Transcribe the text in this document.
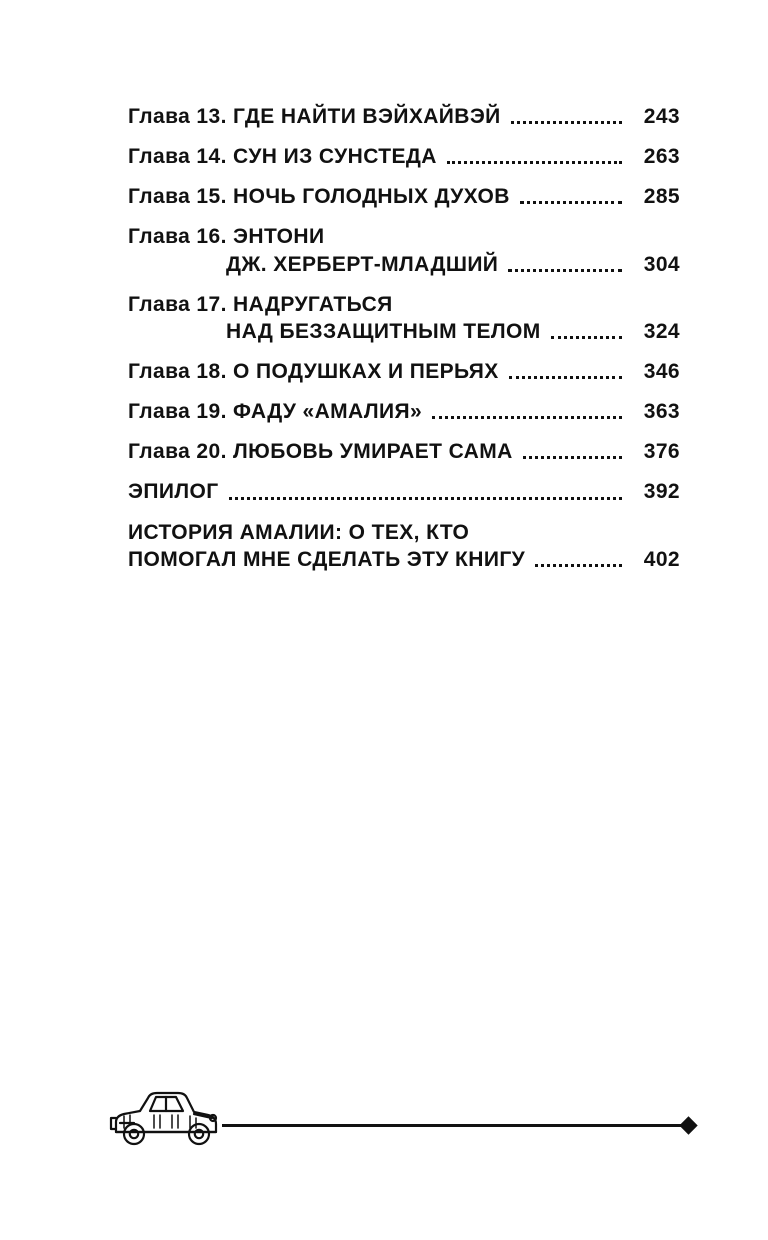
Глава 13. ГДЕ НАЙТИ ВЭЙХАЙВЭЙ	243
Глава 14. СУН ИЗ СУНСТЕДА	263
Глава 15. НОЧЬ ГОЛОДНЫХ ДУХОВ	285
Глава 16. ЭНТОНИ
ДЖ. ХЕРБЕРТ-МЛАДШИЙ	304
Глава 17. НАДРУГАТЬСЯ
НАД БЕЗЗАЩИТНЫМ ТЕЛОМ	324
Глава 18. О ПОДУШКАХ И ПЕРЬЯХ	346
Глава 19. ФАДУ «АМАЛИЯ»	363
Глава 20. ЛЮБОВЬ УМИРАЕТ САМА	376
ЭПИЛОГ	392
ИСТОРИЯ АМАЛИИ: О ТЕХ, КТО
ПОМОГАЛ МНЕ СДЕЛАТЬ ЭТУ КНИГУ	402
